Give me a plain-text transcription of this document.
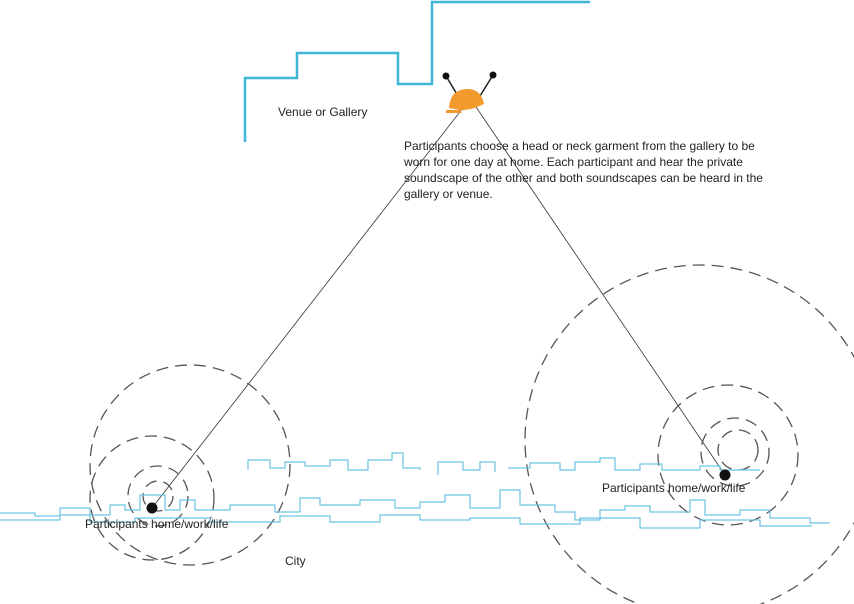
Venue or Gallery
Participants choose a head or neck garment from the gallery to be worn for one day at home. Each participant and hear the private soundscape of the other and both soundscapes can be heard in the gallery or venue.
Participants home/work/life
Participants home/work/life
City
